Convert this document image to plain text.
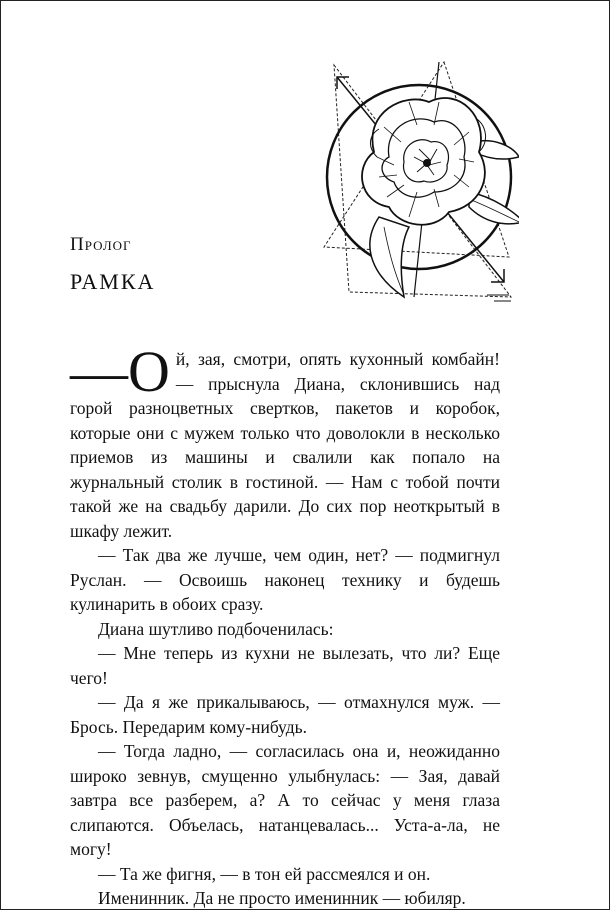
Пролог
РАМКА

—О й, зая, смотри, опять кухонный комбайн! — прыснула Диана, склонившись над горой разноцветных свертков, пакетов и коробок, которые они с мужем только что доволокли в несколько приемов из машины и свалили как попало на журнальный столик в гостиной. — Нам с тобой почти такой же на свадьбу дарили. До сих пор неоткрытый в шкафу лежит.

— Так два же лучше, чем один, нет? — подмигнул Руслан. — Освоишь наконец технику и будешь кулинарить в обоих сразу.

Диана шутливо подбоченилась:

— Мне теперь из кухни не вылезать, что ли? Еще чего!

— Да я же прикалываюсь, — отмахнулся муж. — Брось. Передарим кому-нибудь.

— Тогда ладно, — согласилась она и, неожиданно широко зевнув, смущенно улыбнулась: — Зая, давай завтра все разберем, а? А то сейчас у меня глаза слипаются. Объелась, натанцевалась... Уста-а-ла, не могу!

— Та же фигня, — в тон ей рассмеялся и он.

Именинник. Да не просто именинник — юбиляр.
